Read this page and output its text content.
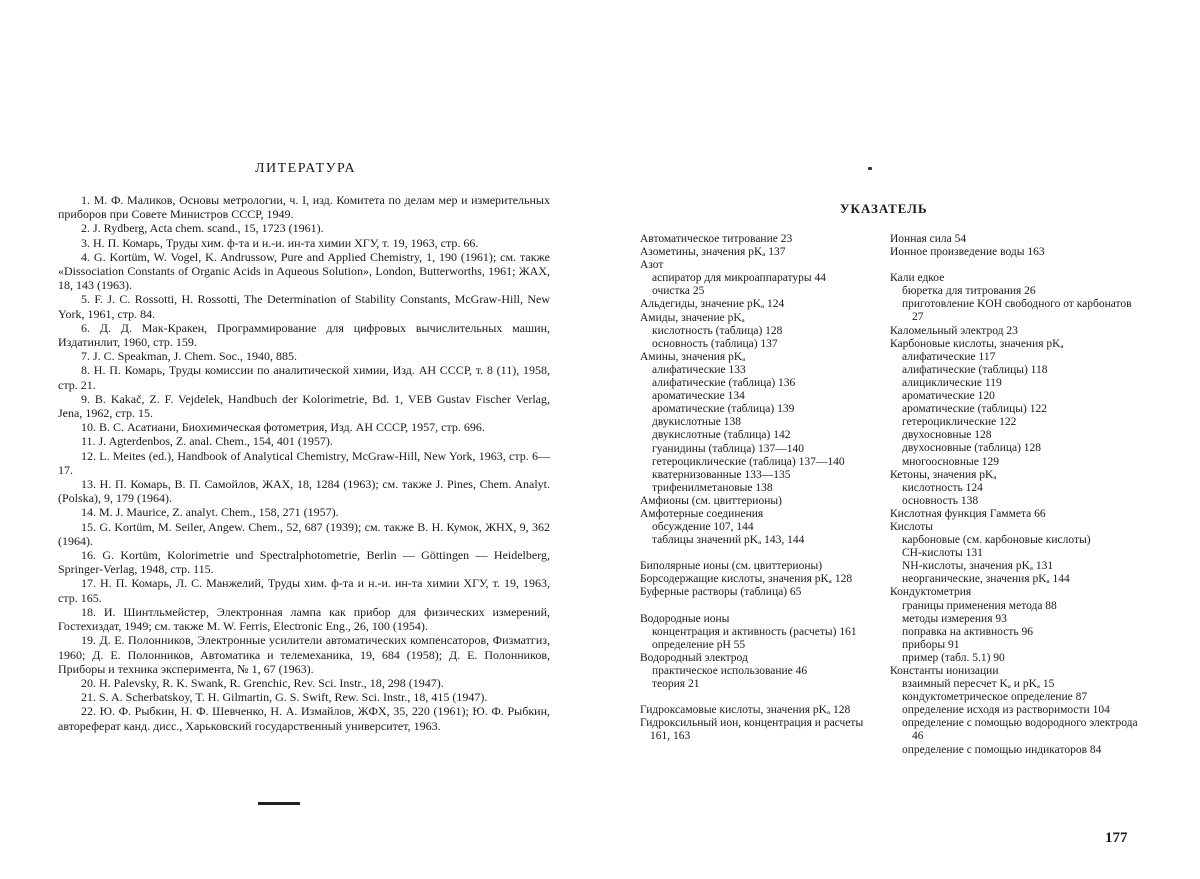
ЛИТЕРАТУРА

1. М. Ф. Маликов, Основы метрологии, ч. I, изд. Комитета по делам мер и измерительных приборов при Совете Министров СССР, 1949.

2. J. Rydberg, Acta chem. scand., 15, 1723 (1961).

3. Н. П. Комарь, Труды хим. ф-та и н.-и. ин-та химии ХГУ, т. 19, 1963, стр. 66.

4. G. Kortüm, W. Vogel, K. Andrussow, Pure and Applied Chemistry, 1, 190 (1961); см. также «Dissociation Constants of Organic Acids in Aqueous Solution», London, Butterworths, 1961; ЖАХ, 18, 143 (1963).

5. F. J. C. Rossotti, H. Rossotti, The Determination of Stability Constants, McGraw-Hill, New York, 1961, стр. 84.

6. Д. Д. Мак-Кракен, Программирование для цифровых вычислительных машин, Издатинлит, 1960, стр. 159.

7. J. C. Speakman, J. Chem. Soc., 1940, 885.

8. Н. П. Комарь, Труды комиссии по аналитической химии, Изд. АН СССР, т. 8 (11), 1958, стр. 21.

9. B. Kakač, Z. F. Vejdelek, Handbuch der Kolorimetrie, Bd. 1, VEB Gustav Fischer Verlag, Jena, 1962, стр. 15.

10. В. С. Асатиани, Биохимическая фотометрия, Изд. АН СССР, 1957, стр. 696.

11. J. Agterdenbos, Z. anal. Chem., 154, 401 (1957).

12. L. Meites (ed.), Handbook of Analytical Chemistry, McGraw-Hill, New York, 1963, стр. 6—17.

13. Н. П. Комарь, В. П. Самойлов, ЖАХ, 18, 1284 (1963); см. также J. Pines, Chem. Analyt. (Polska), 9, 179 (1964).

14. M. J. Maurice, Z. analyt. Chem., 158, 271 (1957).

15. G. Kortüm, M. Seiler, Angew. Chem., 52, 687 (1939); см. также В. Н. Кумок, ЖНХ, 9, 362 (1964).

16. G. Kortüm, Kolorimetrie und Spectralphotometrie, Berlin — Göttingen — Heidelberg, Springer-Verlag, 1948, стр. 115.

17. Н. П. Комарь, Л. С. Манжелий, Труды хим. ф-та и н.-и. ин-та химии ХГУ, т. 19, 1963, стр. 165.

18. И. Шинтльмейстер, Электронная лампа как прибор для физических измерений, Гостехиздат, 1949; см. также M. W. Ferris, Electronic Eng., 26, 100 (1954).

19. Д. Е. Полонников, Электронные усилители автоматических компенсаторов, Физматгиз, 1960; Д. Е. Полонников, Автоматика и телемеханика, 19, 684 (1958); Д. Е. Полонников, Приборы и техника эксперимента, № 1, 67 (1963).

20. H. Palevsky, R. K. Swank, R. Grenchic, Rev. Sci. Instr., 18, 298 (1947).

21. S. A. Scherbatskoy, T. H. Gilmartin, G. S. Swift, Rew. Sci. Instr., 18, 415 (1947).

22. Ю. Ф. Рыбкин, Н. Ф. Шевченко, Н. А. Измайлов, ЖФХ, 35, 220 (1961); Ю. Ф. Рыбкин, автореферат канд. дисс., Харьковский государственный университет, 1963.

УКАЗАТЕЛЬ

Автоматическое титрование 23

Азометины, значения pKₐ 137

Азот

аспиратор для микроаппаратуры 44

очистка 25

Альдегиды, значение pKₐ 124

Амиды, значение pKₐ

кислотность (таблица) 128

основность (таблица) 137

Амины, значения pKₐ

алифатические 133

алифатические (таблица) 136

ароматические 134

ароматические (таблица) 139

двукислотные 138

двукислотные (таблица) 142

гуанидины (таблица) 137—140

гетероциклические (таблица) 137—140

кватернизованные 133—135

трифенилметановые 138

Амфионы (см. цвиттерионы)

Амфотерные соединения

обсуждение 107, 144

таблицы значений pKₐ 143, 144

Биполярные ионы (см. цвиттерионы)

Борсодержащие кислоты, значения pKₐ 128

Буферные растворы (таблица) 65

Водородные ионы

концентрация и активность (расчеты) 161

определение pH 55

Водородный электрод

практическое использование 46

теория 21

Гидроксамовые кислоты, значения pKₐ 128

Гидроксильный ион, концентрация и расчеты 161, 163

Ионная сила 54

Ионное произведение воды 163

Кали едкое

бюретка для титрования 26

приготовление KOH свободного от карбонатов 27

Каломельный электрод 23

Карбоновые кислоты, значения pKₐ

алифатические 117

алифатические (таблицы) 118

алициклические 119

ароматические 120

ароматические (таблицы) 122

гетероциклические 122

двухосновные 128

двухосновные (таблица) 128

многоосновные 129

Кетоны, значения pKₐ

кислотность 124

основность 138

Кислотная функция Гаммета 66

Кислоты

карбоновые (см. карбоновые кислоты)

CH-кислоты 131

NH-кислоты, значения pKₐ 131

неорганические, значения pKₐ 144

Кондуктометрия

границы применения метода 88

методы измерения 93

поправка на активность 96

приборы 91

пример (табл. 5.1) 90

Константы ионизации

взаимный пересчет Kₐ и pKₐ 15

кондуктометрическое определение 87

определение исходя из растворимости 104

определение с помощью водородного электрода 46

определение с помощью индикаторов 84

177
